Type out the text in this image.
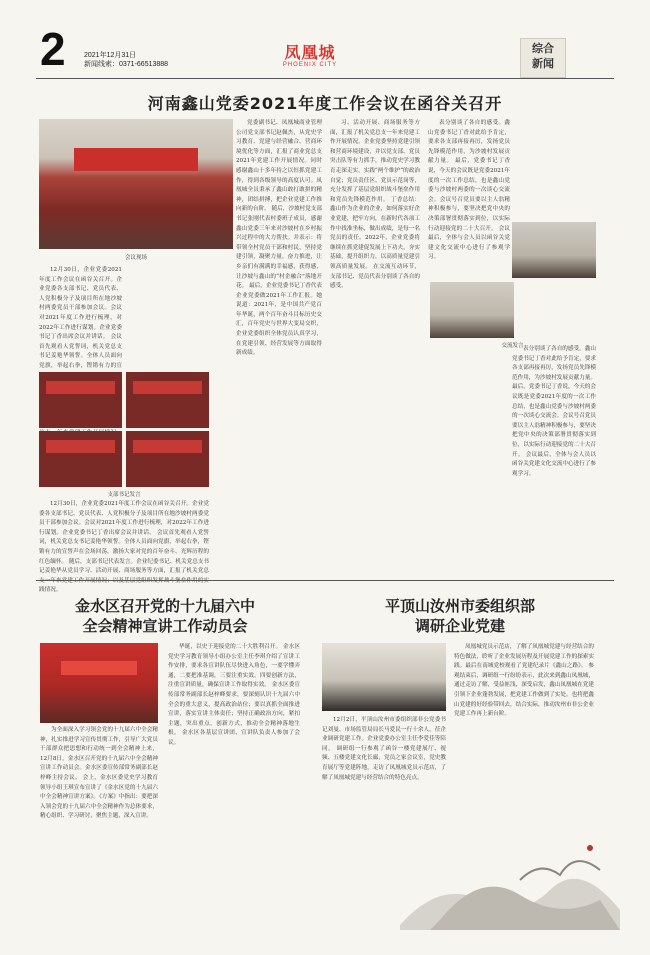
2	2021年12月31日
新闻线索：0371-66513888
凤凰城
PHOENIX CITY
综合
新闻
河南鑫山党委2021年度工作会议在函谷关召开
会议现场

12月30日，企业党委2021年度工作会议在函谷关召开。企业党委各支部书记、党员代表、人党积极分子及项目所在地沙坡村两委党员干部参加会议。会议对2021年度工作进行梳理，对2022年工作进行谋划。企业党委书记丁香出席会议并讲话。 会议首先观看人党誓词，机关党总支书记姜艳华领誓。全体人员面向党旗，举起右拳，铿锵有力的宣

支部书记发言

12月30日，企业党委2021年度工作会议在函谷关召开。企业党委各支部书记、党员代表、人党积极分子及项目所在地沙坡村两委党员干部参加会议。会议对2021年度工作进行梳理，对2022年工作进行谋划。企业党委书记丁香出席会议并讲话。 会议首先观看人党誓词，机关党总支书记姜艳华领誓。全体人员面向党旗，举起右拳，铿锵有力的宣誓声在会场回荡，激扬大家对党的百年奋斗、光辉历程的红色缅怀。 随后，支部书记代表发言。企业纪委书记、机关党总支书记姜艳华从党员学习、活动开展、商场服务等方面，汇报了机关党总支一年来党建工作开展情况；以及基层党组织发挥战斗堡垒作用的实践情况。

党委副书记、凤凰城商业管理公司党支部书记赵佩杰，从党史学习教育、党建与经营融合、营商环境优化等方面，汇报了商业党总支2021年党建工作开展情况。同时感谢鑫山十多年持之以恒抓党建工作，得到各级领导的高度认可。凤凰城全员秉承了鑫山敢打敢拼的精神，团结拼搏，把企业党建工作推向新的台阶。 随后，沙坡村党支部书记张刚代表村委班子成员，感谢鑫山党委三年来对沙坡村在乡村振兴过程中的大力帮扶。并表示：将带领全村党员干部和村民，坚持党建引领，凝聚力量，奋力推进，让乡亲们有满满的幸福感，获得感，让沙坡与鑫山的“村企融合”落地开花。 最后，企业党委书记丁香代表企业党委做2021年工作汇报。她说道：2021年，是中国共产党百年华诞，两个百年奋斗目标历史交汇，百年党史与世界大变局交织，企业党委组织全体党员认真学习，在党建引领、经营发展等方面取得新成绩。

习、活动开展、商场服务等方面，汇报了机关党总支一年来党建工作开展情况。企业党委坚持党建引领和营商环境建设，并以党支部、党员突击队等有力抓手，推动党史学习教育走深走实，实践“两个维护“的政治自觉；党员责任区、党员示范岗等，充分发挥了基层党组织战斗堡垒作用和党员先锋模范作用。 丁香总结：鑫山作为企业的企业，如何落实好企业党建，把牢方向，在新时代各项工作中找准坐标，做出成绩，是每一名党员的责任。2022年，企业党委将继续在抓党建促发展上下功夫，夯实基础，提升组织力，以高质量党建引领高质量发展。 在交流互动环节，支部书记、党员代表分别谈了各自的感受。

表分别谈了各自的感受。鑫山党委书记丁香对此给予肯定，要求各支部再接再厉，发扬党员先锋模范作用，为沙坡村发展贡献力量。 最后，党委书记丁香说，今天的会议既是党委2021年度的一次工作总结，也是鑫山党委与沙坡村两委的一次谈心交流会。会议号召党员要以主人翁精神积极参与，要坚决把党中央的决策部署贯彻落实到位，以实际行动迎接党的二十大召开。 会议最后，全体与会人员以函谷关党建文化交流中心进行了参观学习。

交流发言 表分别谈了各自的感受。鑫山党委书记丁香对此给予肯定，要求各支部再接再厉，发扬党员先锋模范作用，为沙坡村发展贡献力量。 最后，党委书记丁香说，今天的会议既是党委2021年度的一次工作总结，也是鑫山党委与沙坡村两委的一次谈心交流会。会议号召党员要以主人翁精神积极参与，要坚决把党中央的决策部署贯彻落实到位，以实际行动迎接党的二十大召开。 会议最后，全体与会人员以函谷关党建文化交流中心进行了参观学习。

金水区召开党的十九届六中
全会精神宣讲工作动员会

为全面深入学习领会党的十九届六中全会精神，扎实推进学习宣传贯彻工作，引导广大党员干部群众把思想和行动统一到全会精神上来，12月8日，金水区召开党的十九届六中全会精神宣讲工作动员会。金水区委宣传部常务副部长赵梓峰主持会议。 会上，金水区委党史学习教育领导小组王琪宣布宣讲了《金水区党的十九届六中全会精神宣讲方案》。《方案》中指出：要把深入领会党的十九届六中全会精神作为总体要求，精心组织、学习研讨，聚焦主题，深入宣讲。

华诞，以史于迎接党的二十大胜利召开。 金水区党史学习教育领导小组办公室主任李琪介绍了宣讲工作安排，要求各宣讲队伍尽快进入角色，一要学懂弄通，二要把准基调，三要注重实效，四要创新方法，注重宣讲质量，确保宣讲工作取得实效。 金水区委宣传部常务副部长赵梓峰要求，要深刻认识十九届六中全会的重大意义，提高政治站位；要以真抓全面推进宣讲，落实宣讲主体责任；坚持正确政治方向，紧扣主题，突出重点，创新方式，推动全会精神落地生根。 金水区各基层宣讲团、宣讲队负责人参加了会议。

平顶山汝州市委组织部
调研企业党建

12月2日，平顶山汝州市委组织部非公党委书记刘曼、市场监管局局长马爱民一行十余人，莅企业调研党建工作。企业党委办公室主任李爱佳等陪同。 调研组一行参观了函谷一楼党建展厅、视频、五楼党建文化长廊，党员之家会议室，党史教育展厅等党建阵地，走访了凤凰城党员示范店，了解了凤凰城党建与经营结合的特色亮点。

凤凰城党员示范店，了解了凤凰城党建与经营结合的特色做法，聆听了企业发展历程及开展党建工作的探索实践。最后在南城党校观看了党建纪录片《鑫山之路》。 参观结束后，调研组一行纷纷表示，此次来到鑫山凤凰城，通过走访了解，受益匪浅，深受启发，鑫山凤凰城在党建引领下企业蓬勃发展，把党建工作做到了实处。也将把鑫山党建的好经验带回去，结合实际，推动汝州市非公企业党建工作再上新台阶。
